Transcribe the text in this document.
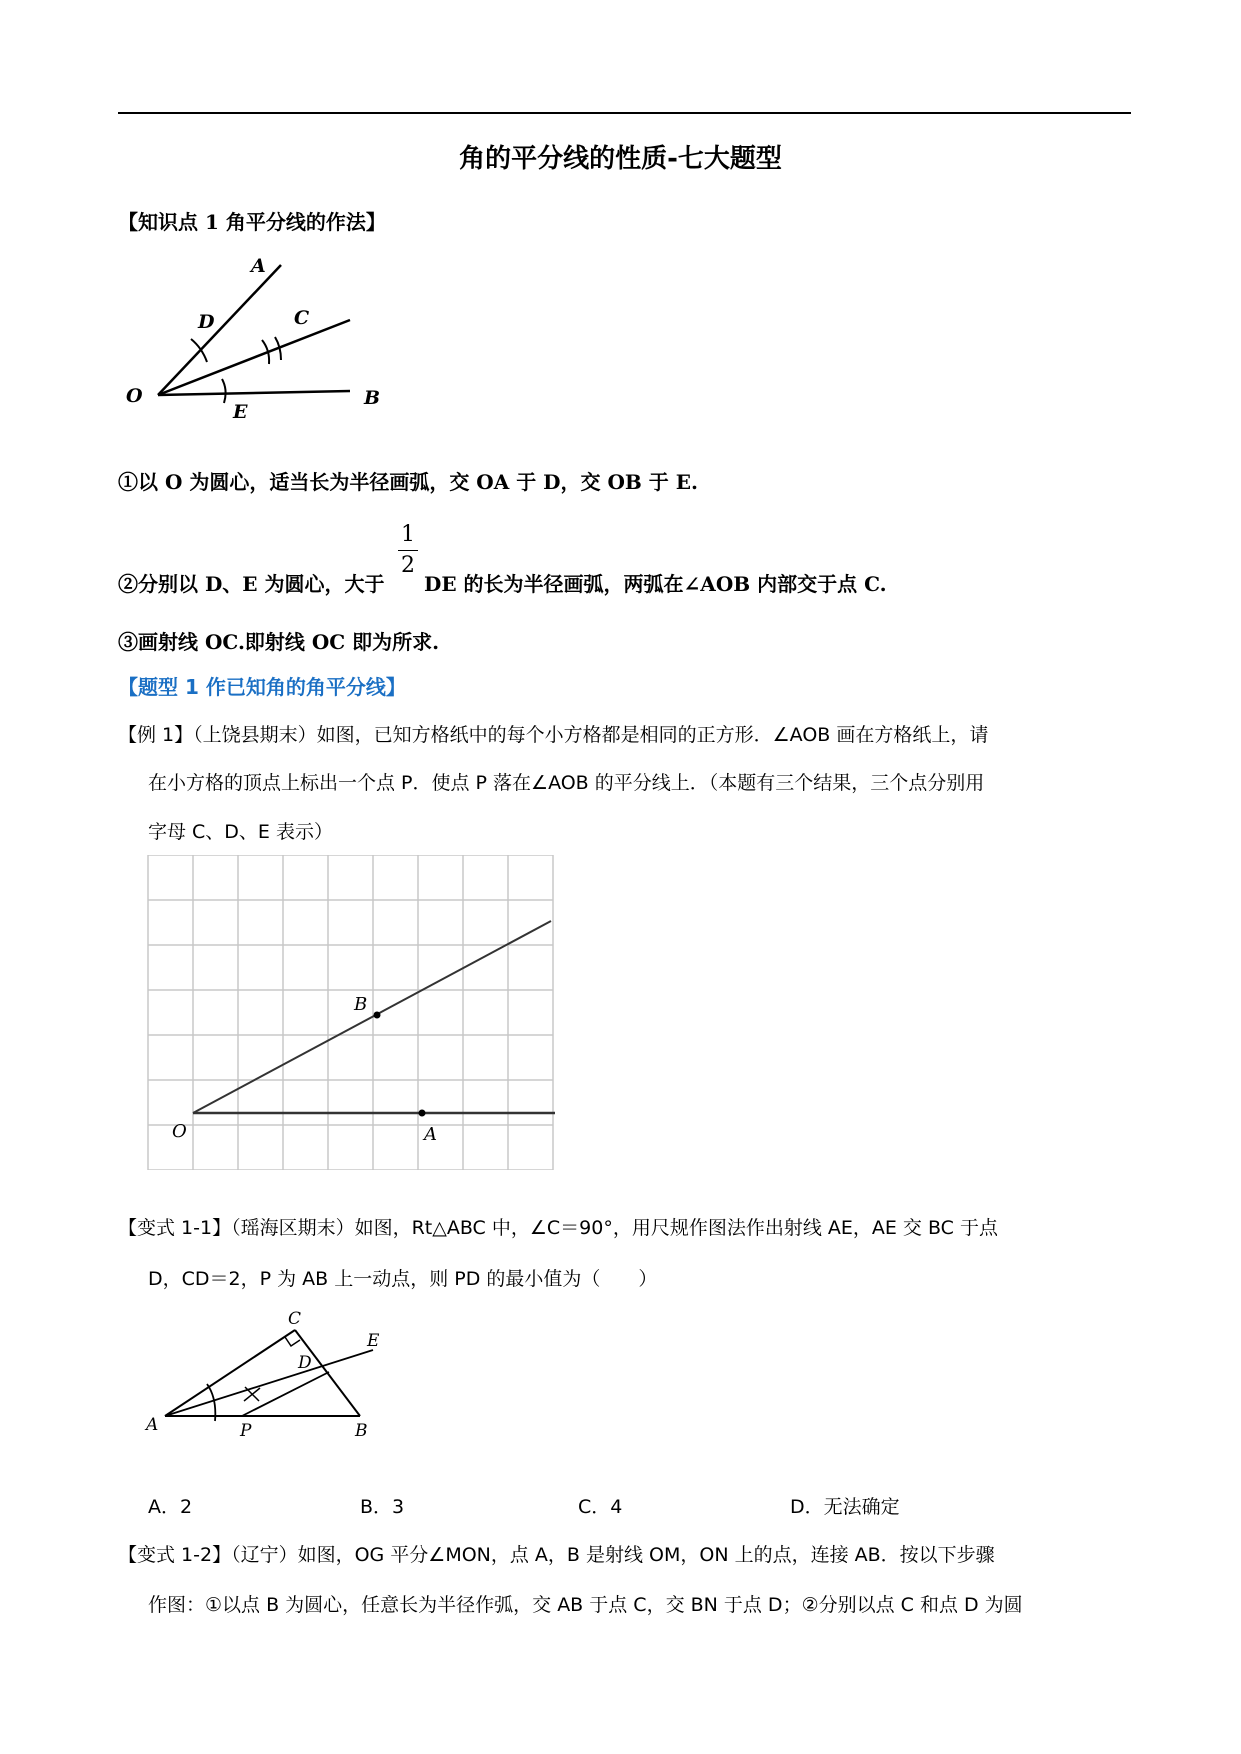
角的平分线的性质-七大题型
【知识点 1 角平分线的作法】
A
C
D
O	B
E
①以 O 为圆心，适当长为半径画弧，交 OA 于 D，交 OB 于 E.
②分别以 D、E 为圆心，大于
1
2
DE 的长为半径画弧，两弧在∠AOB 内部交于点 C.
③画射线 OC.即射线 OC 即为所求.
【题型 1 作已知角的角平分线】
【例 1】（上饶县期末）如图，已知方格纸中的每个小方格都是相同的正方形．∠AOB 画在方格纸上，请
在小方格的顶点上标出一个点 P．使点 P 落在∠AOB 的平分线上．（本题有三个结果，三个点分别用
字母 C、D、E 表示）
B
O	A
【变式 1-1】（瑶海区期末）如图，Rt△ABC 中，∠C＝90°，用尺规作图法作出射线 AE，AE 交 BC 于点
D，CD＝2，P 为 AB 上一动点，则 PD 的最小值为（　　）
C
E
D
A	P	B
A．2	B．3	C．4	D．无法确定
【变式 1-2】（辽宁）如图，OG 平分∠MON，点 A，B 是射线 OM，ON 上的点，连接 AB．按以下步骤
作图：①以点 B 为圆心，任意长为半径作弧，交 AB 于点 C，交 BN 于点 D；②分别以点 C 和点 D 为圆
